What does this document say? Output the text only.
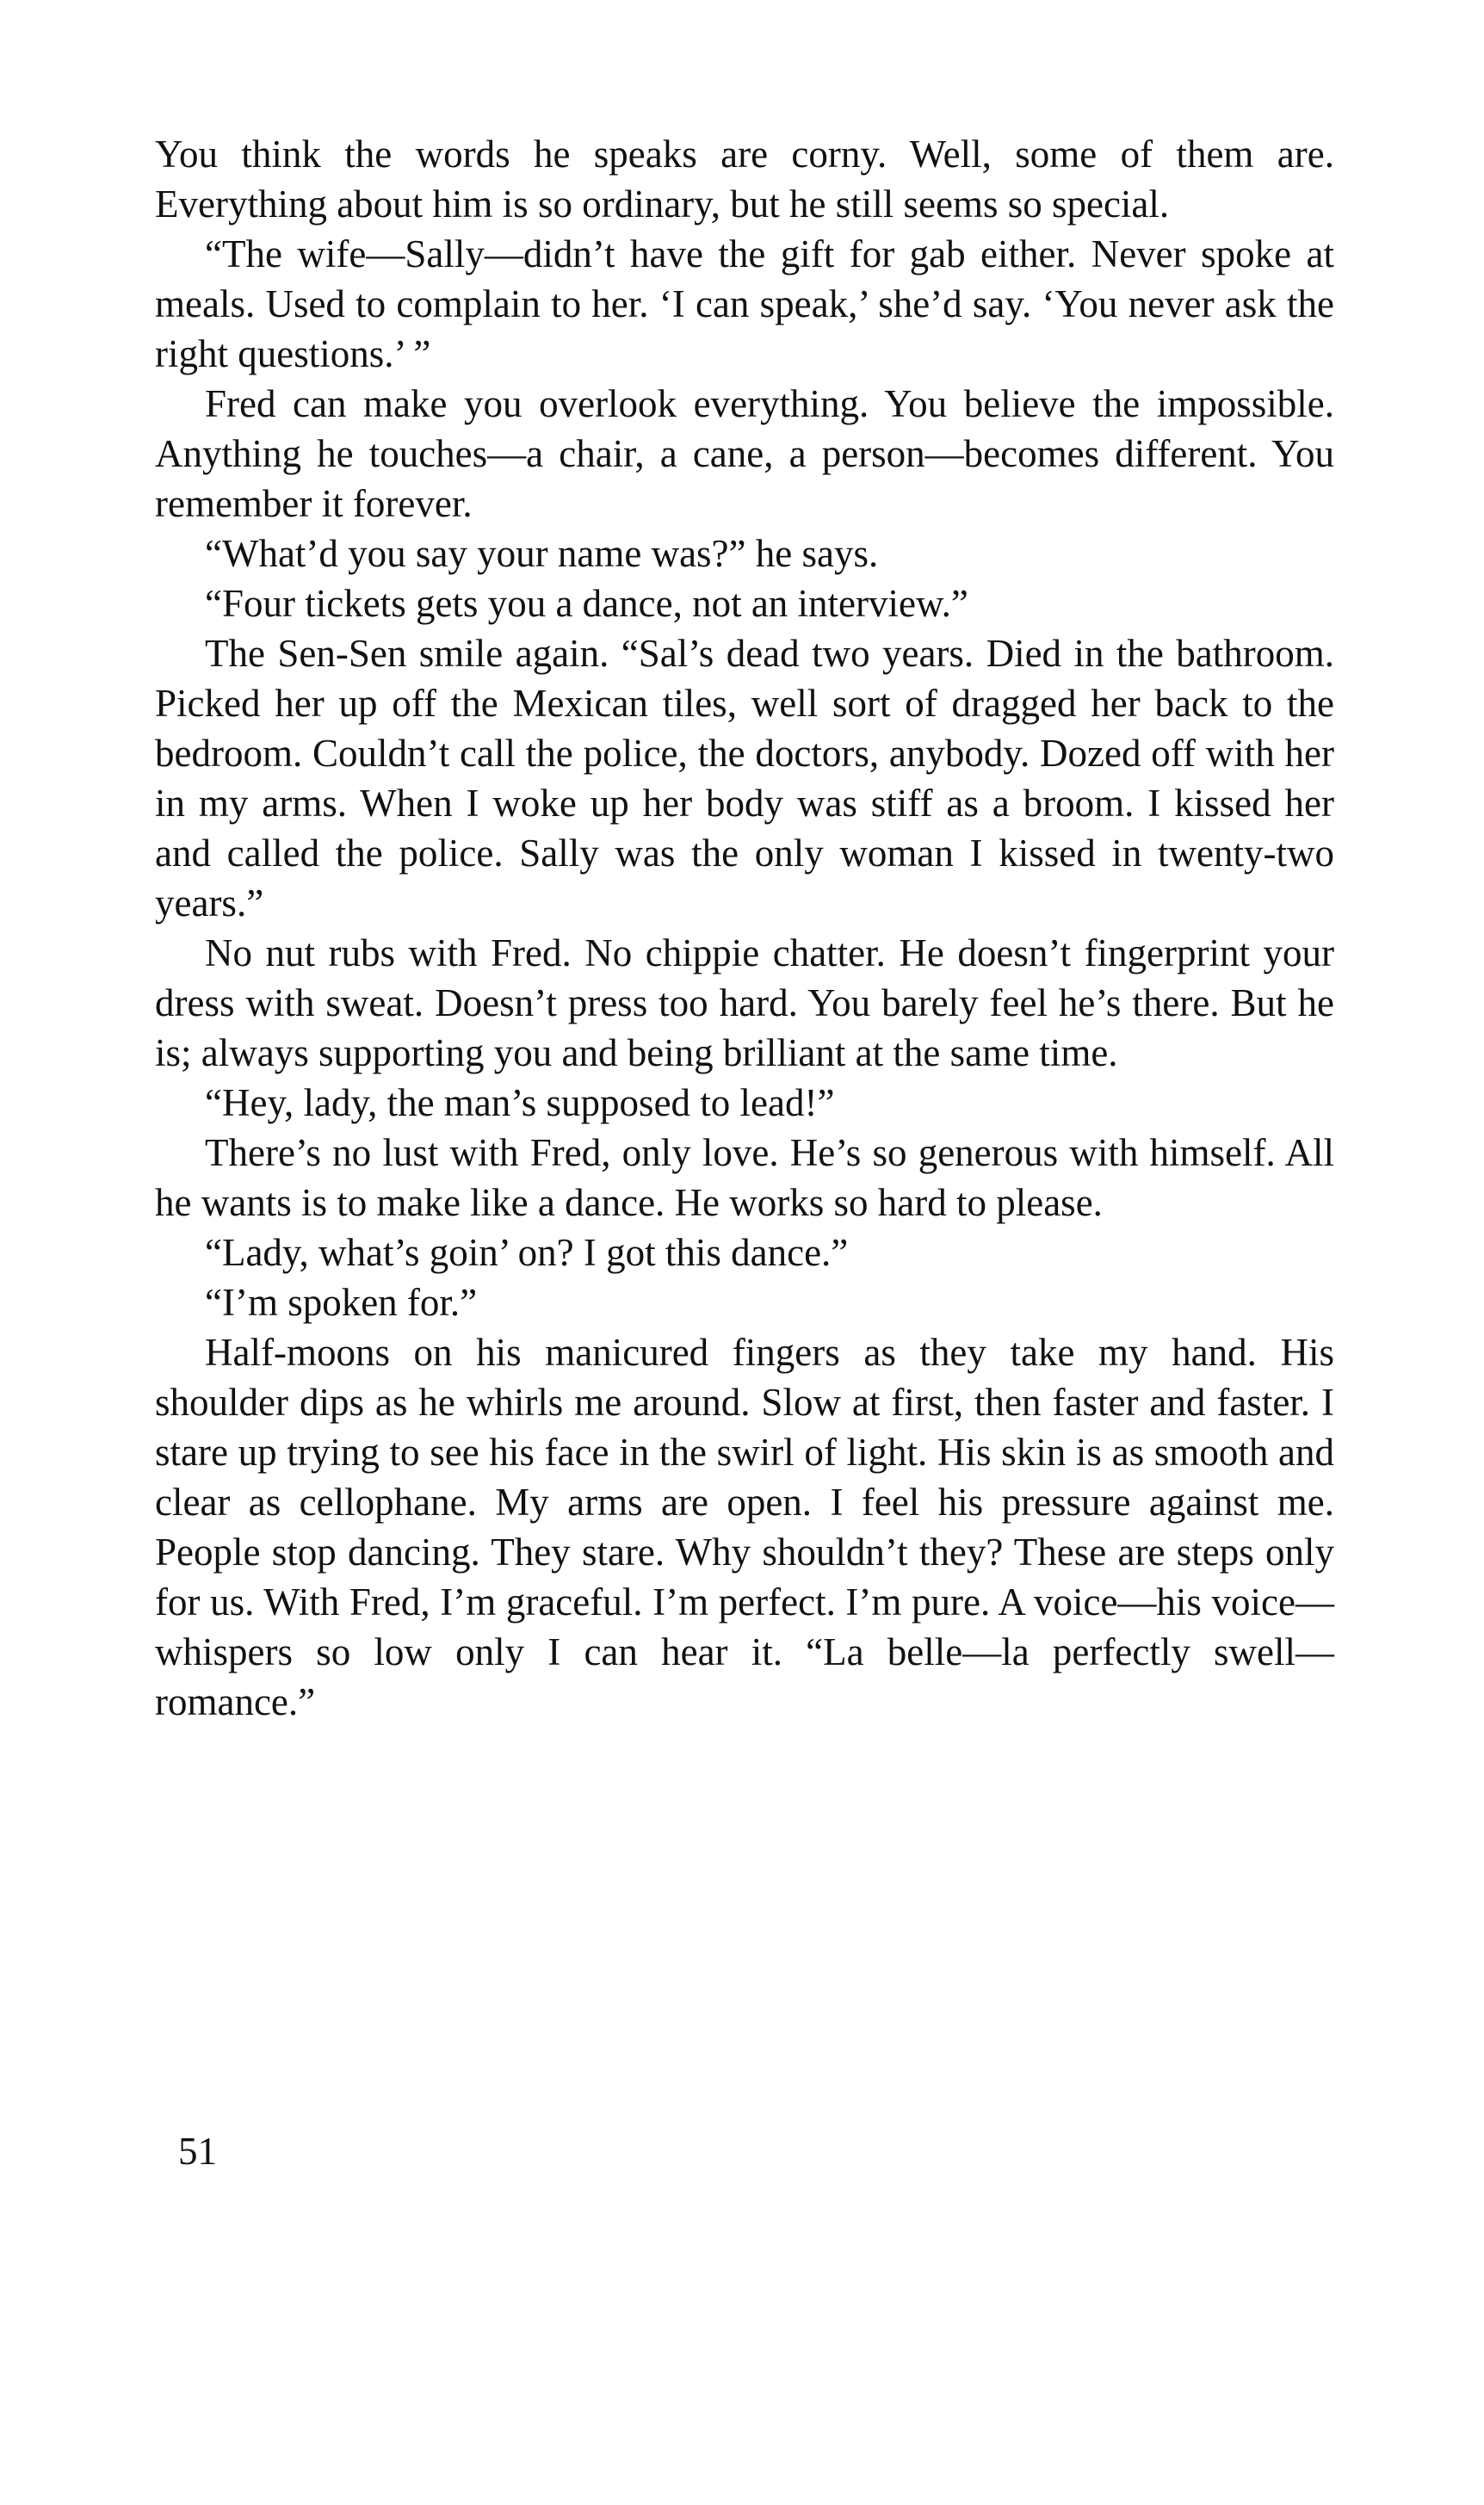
You think the words he speaks are corny. Well, some of them are. Everything about him is so ordinary, but he still seems so special.

“The wife—Sally—didn’t have the gift for gab either. Never spoke at meals. Used to complain to her. ‘I can speak,’ she’d say. ‘You never ask the right questions.’ ”

Fred can make you overlook everything. You believe the impossible. Anything he touches—a chair, a cane, a person—becomes different. You remember it forever.

“What’d you say your name was?” he says.

“Four tickets gets you a dance, not an interview.”

The Sen-Sen smile again. “Sal’s dead two years. Died in the bathroom. Picked her up off the Mexican tiles, well sort of dragged her back to the bedroom. Couldn’t call the police, the doctors, anybody. Dozed off with her in my arms. When I woke up her body was stiff as a broom. I kissed her and called the police. Sally was the only woman I kissed in twenty-two years.”

No nut rubs with Fred. No chippie chatter. He doesn’t fingerprint your dress with sweat. Doesn’t press too hard. You barely feel he’s there. But he is; always supporting you and being brilliant at the same time.

“Hey, lady, the man’s supposed to lead!”

There’s no lust with Fred, only love. He’s so generous with himself. All he wants is to make like a dance. He works so hard to please.

“Lady, what’s goin’ on? I got this dance.”

“I’m spoken for.”

Half-moons on his manicured fingers as they take my hand. His shoulder dips as he whirls me around. Slow at first, then faster and faster. I stare up trying to see his face in the swirl of light. His skin is as smooth and clear as cellophane. My arms are open. I feel his pressure against me. People stop dancing. They stare. Why shouldn’t they? These are steps only for us. With Fred, I’m graceful. I’m perfect. I’m pure. A voice—his voice—whispers so low only I can hear it. “La belle—la perfectly swell—romance.”

51
